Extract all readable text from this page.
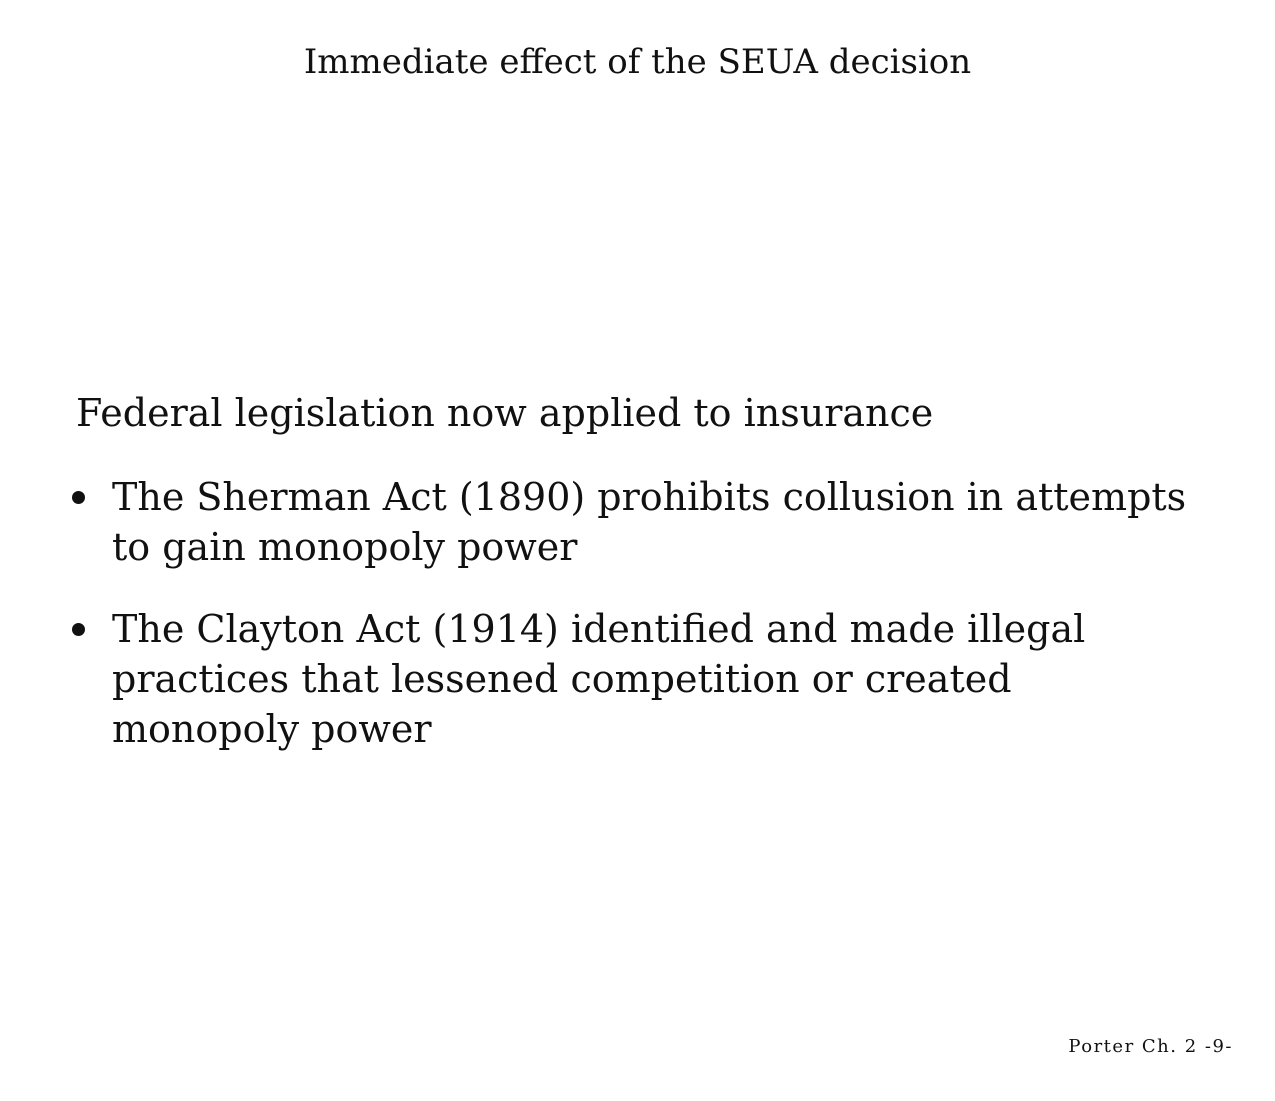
Immediate effect of the SEUA decision

Federal legislation now applied to insurance

The Sherman Act (1890) prohibits collusion in attempts to gain monopoly power
The Clayton Act (1914) identified and made illegal practices that lessened competition or created monopoly power
Porter Ch. 2 -9-
